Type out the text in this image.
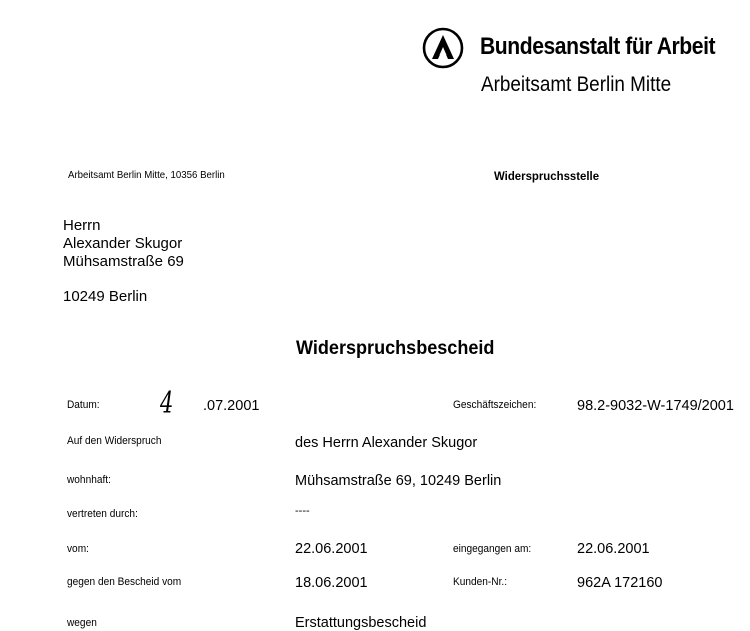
Bundesanstalt für Arbeit
Arbeitsamt Berlin Mitte
Arbeitsamt Berlin Mitte, 10356 Berlin	Widerspruchsstelle
Herrn
Alexander Skugor
Mühsamstraße 69
10249 Berlin
Widerspruchsbescheid
Datum: 4 .07.2001	Geschäftszeichen:	98.2-9032-W-1749/2001
Auf den Widerspruch	des Herrn Alexander Skugor
wohnhaft:	Mühsamstraße 69, 10249 Berlin
vertreten durch:	----
vom:	22.06.2001	eingegangen am:	22.06.2001
gegen den Bescheid vom	18.06.2001	Kunden-Nr.:	962A 172160
wegen	Erstattungsbescheid
